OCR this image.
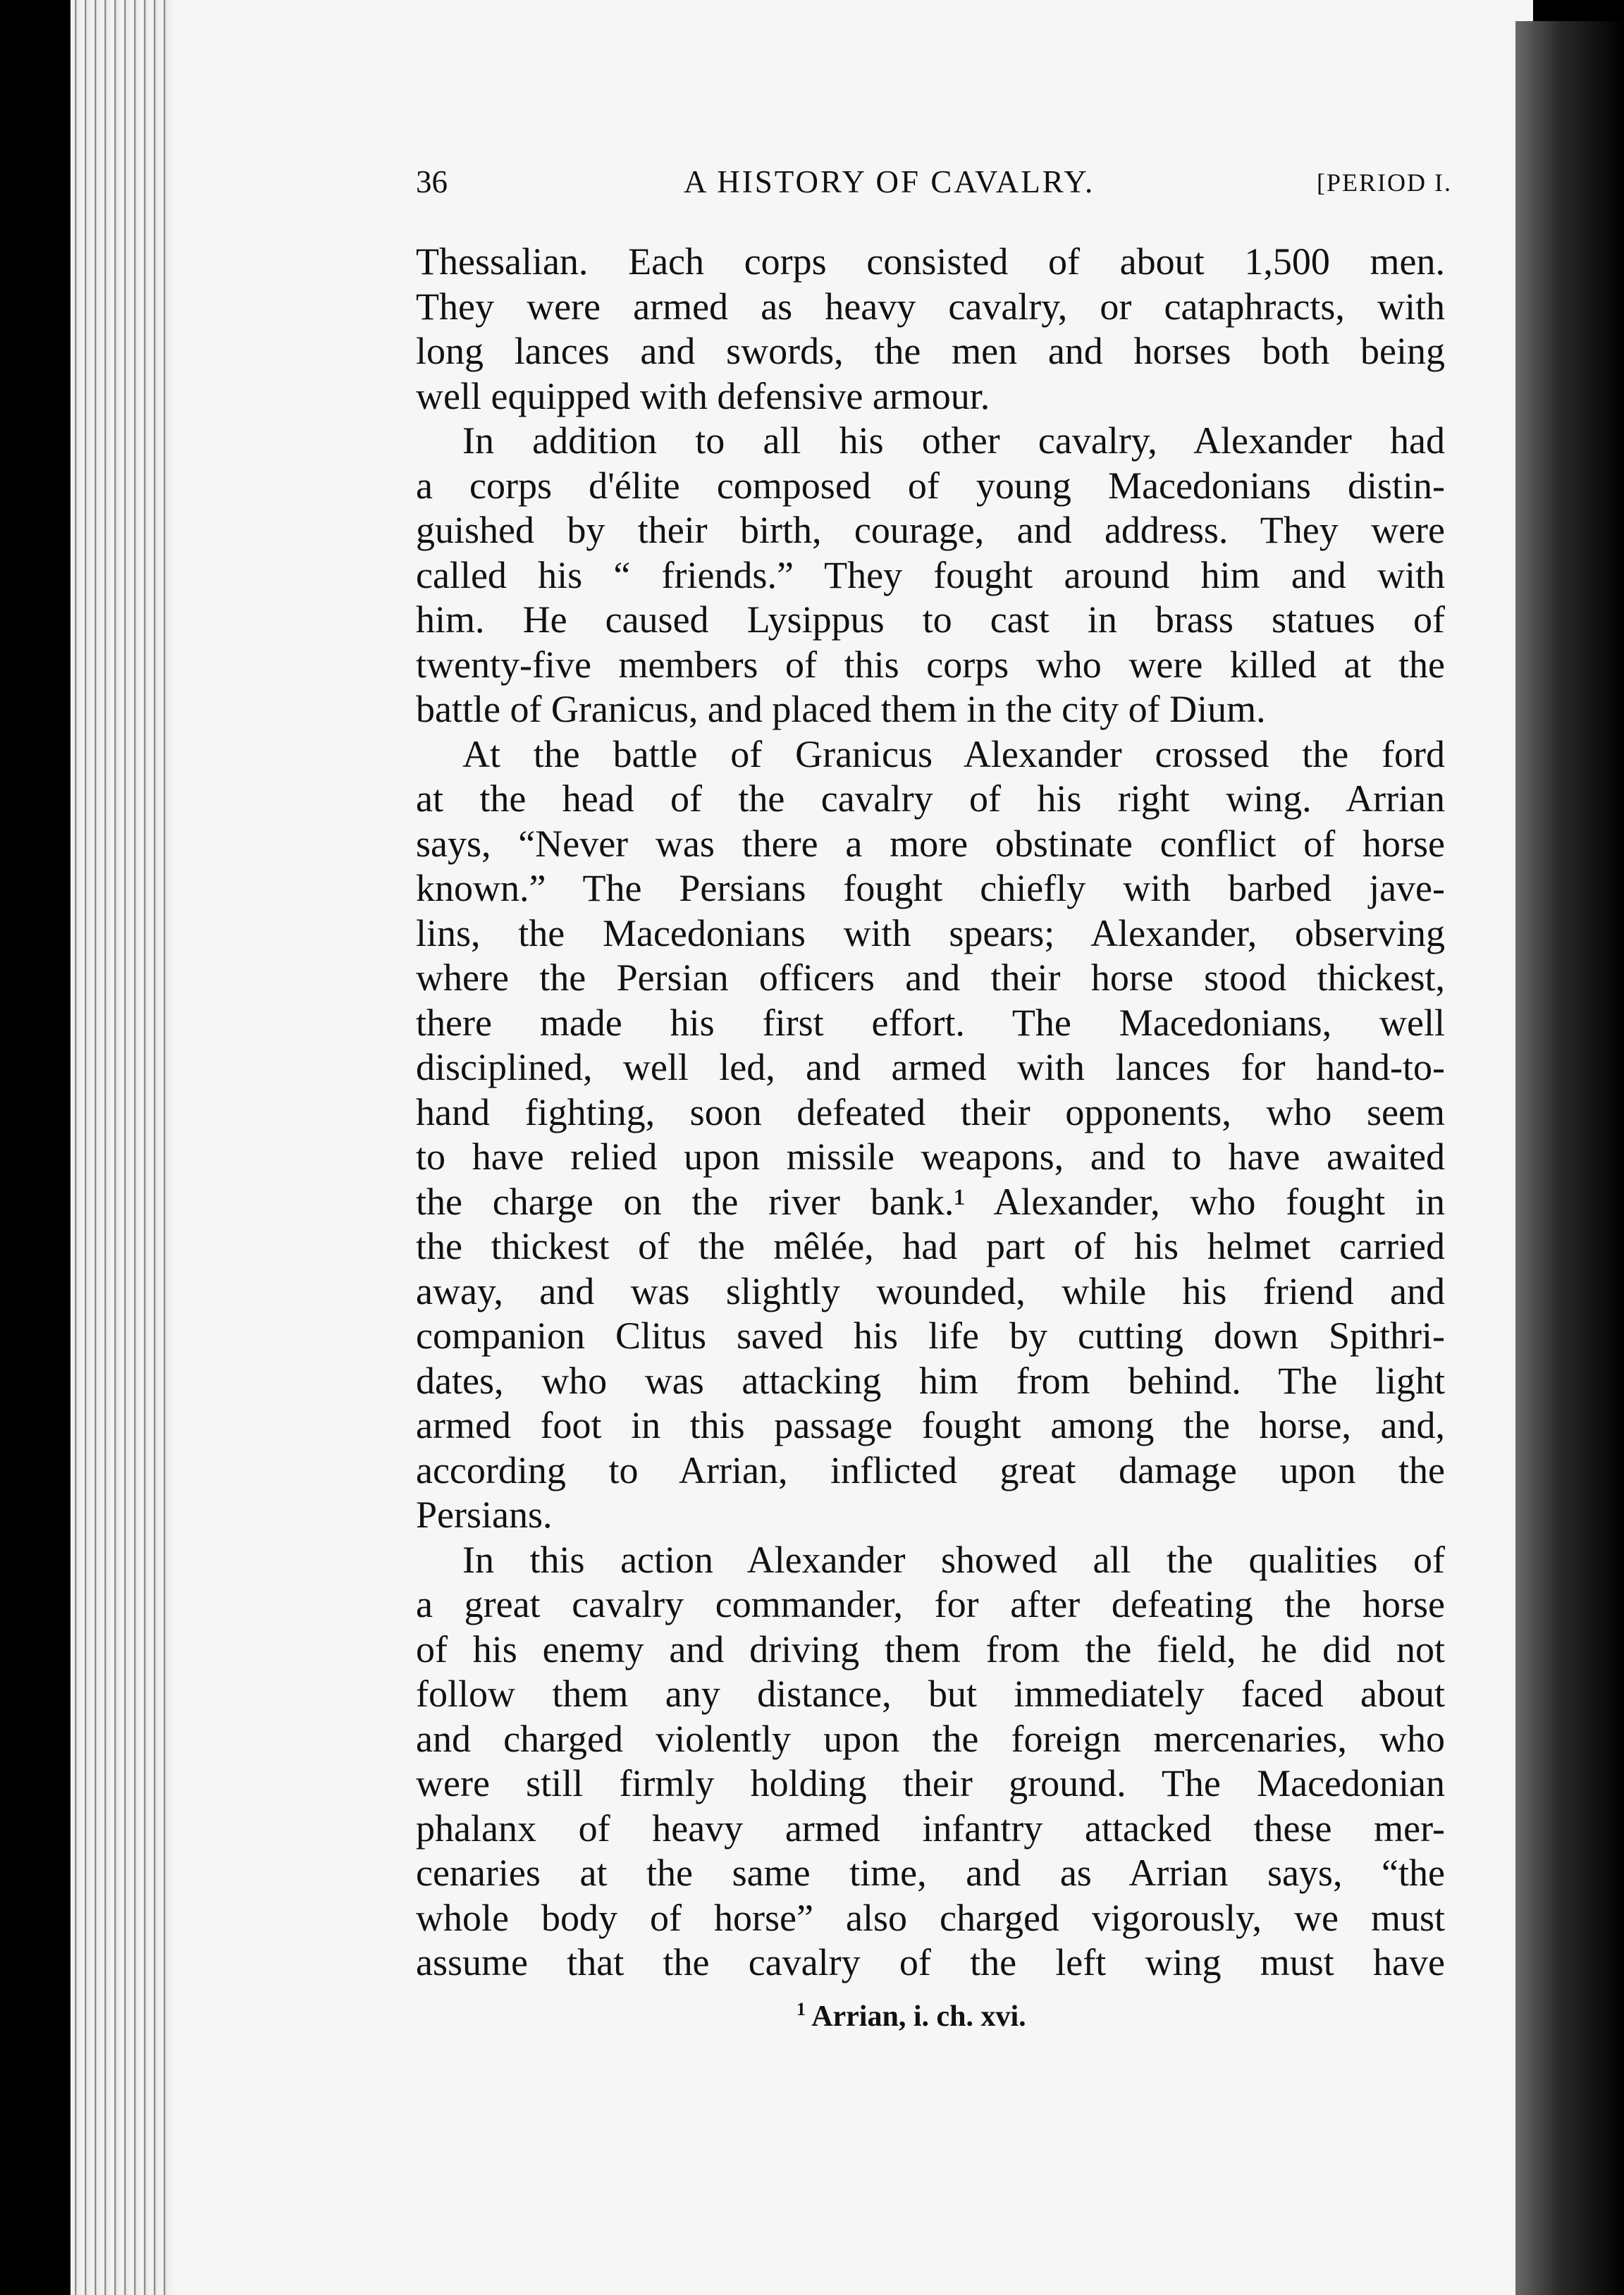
36	A HISTORY OF CAVALRY.	[PERIOD I.

Thessalian. Each corps consisted of about 1,500 men.
They were armed as heavy cavalry, or cataphracts, with
long lances and swords, the men and horses both being
well equipped with defensive armour.

In addition to all his other cavalry, Alexander had
a corps d'élite composed of young Macedonians distin-
guished by their birth, courage, and address. They were
called his “ friends.” They fought around him and with
him. He caused Lysippus to cast in brass statues of
twenty-five members of this corps who were killed at the
battle of Granicus, and placed them in the city of Dium.

At the battle of Granicus Alexander crossed the ford
at the head of the cavalry of his right wing. Arrian
says, “Never was there a more obstinate conflict of horse
known.” The Persians fought chiefly with barbed jave-
lins, the Macedonians with spears; Alexander, observing
where the Persian officers and their horse stood thickest,
there made his first effort. The Macedonians, well
disciplined, well led, and armed with lances for hand-to-
hand fighting, soon defeated their opponents, who seem
to have relied upon missile weapons, and to have awaited
the charge on the river bank.¹ Alexander, who fought in
the thickest of the mêlée, had part of his helmet carried
away, and was slightly wounded, while his friend and
companion Clitus saved his life by cutting down Spithri-
dates, who was attacking him from behind. The light
armed foot in this passage fought among the horse, and,
according to Arrian, inflicted great damage upon the
Persians.

In this action Alexander showed all the qualities of
a great cavalry commander, for after defeating the horse
of his enemy and driving them from the field, he did not
follow them any distance, but immediately faced about
and charged violently upon the foreign mercenaries, who
were still firmly holding their ground. The Macedonian
phalanx of heavy armed infantry attacked these mer-
cenaries at the same time, and as Arrian says, “the
whole body of horse” also charged vigorously, we must
assume that the cavalry of the left wing must have

$^1$ Arrian, i. ch. xvi.
